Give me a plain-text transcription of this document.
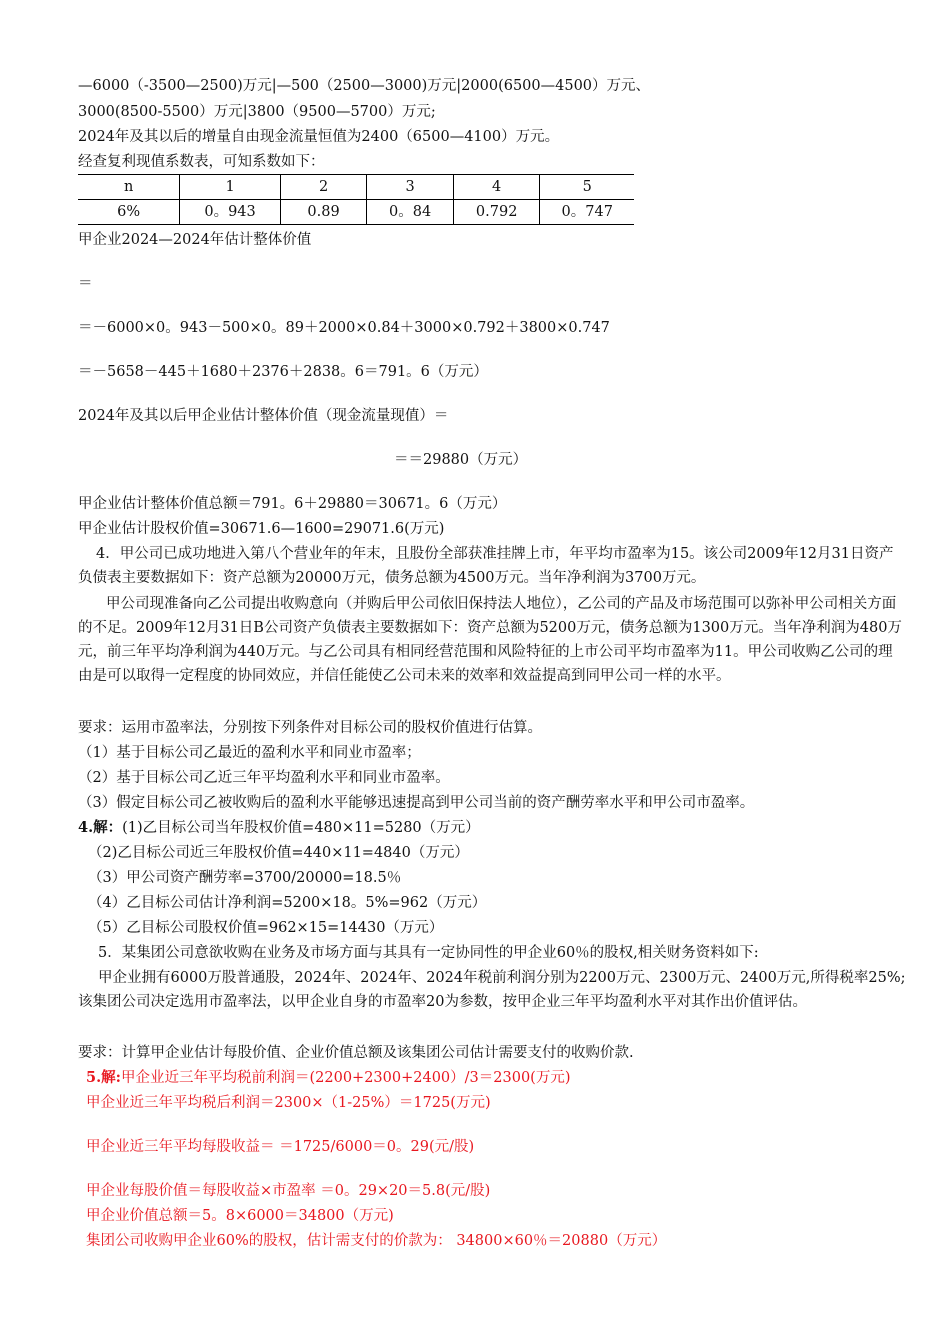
—6000（-3500—2500)万元|—500（2500—3000)万元|2000(6500—4500）万元、
3000(8500-5500）万元|3800（9500—5700）万元;
2024年及其以后的增量自由现金流量恒值为2400（6500—4100）万元。
经查复利现值系数表，可知系数如下：
n	1	2	3	4	5
6%	0。943	0.89	0。84	0.792	0。747
甲企业2024—2024年估计整体价值
＝
＝－6000×0。943－500×0。89＋2000×0.84＋3000×0.792＋3800×0.747
＝－5658－445＋1680＋2376＋2838。6＝791。6（万元）
2024年及其以后甲企业估计整体价值（现金流量现值）＝
＝＝29880（万元）
甲企业估计整体价值总额＝791。6＋29880＝30671。6（万元）
甲企业估计股权价值=30671.6—1600=29071.6(万元)
4．甲公司已成功地进入第八个营业年的年末，且股份全部获准挂牌上市，年平均市盈率为15。该公司2009年12月31日资产负债表主要数据如下：资产总额为20000万元，债务总额为4500万元。当年净利润为3700万元。
甲公司现准备向乙公司提出收购意向（并购后甲公司依旧保持法人地位），乙公司的产品及市场范围可以弥补甲公司相关方面的不足。2009年12月31日B公司资产负债表主要数据如下：资产总额为5200万元，债务总额为1300万元。当年净利润为480万元，前三年平均净利润为440万元。与乙公司具有相同经营范围和风险特征的上市公司平均市盈率为11。甲公司收购乙公司的理由是可以取得一定程度的协同效应，并信任能使乙公司未来的效率和效益提高到同甲公司一样的水平。
要求：运用市盈率法，分别按下列条件对目标公司的股权价值进行估算。
（1）基于目标公司乙最近的盈利水平和同业市盈率；
（2）基于目标公司乙近三年平均盈利水平和同业市盈率。
（3）假定目标公司乙被收购后的盈利水平能够迅速提高到甲公司当前的资产酬劳率水平和甲公司市盈率。
4.解：(1)乙目标公司当年股权价值=480×11=5280（万元）
（2)乙目标公司近三年股权价值=440×11=4840（万元）
（3）甲公司资产酬劳率=3700/20000=18.5％
（4）乙目标公司估计净利润=5200×18。5%=962（万元）
（5）乙目标公司股权价值=962×15=14430（万元）
5．某集团公司意欲收购在业务及市场方面与其具有一定协同性的甲企业60％的股权,相关财务资料如下:
甲企业拥有6000万股普通股，2024年、2024年、2024年税前利润分别为2200万元、2300万元、2400万元,所得税率25%;该集团公司决定选用市盈率法，以甲企业自身的市盈率20为参数，按甲企业三年平均盈利水平对其作出价值评估。
要求：计算甲企业估计每股价值、企业价值总额及该集团公司估计需要支付的收购价款.
5.解:甲企业近三年平均税前利润＝(2200+2300+2400）/3＝2300(万元)
甲企业近三年平均税后利润＝2300×（1-25%）＝1725(万元)
甲企业近三年平均每股收益＝ ＝1725/6000＝0。29(元/股)
甲企业每股价值＝每股收益×市盈率 ＝0。29×20＝5.8(元/股)
甲企业价值总额＝5。8×6000＝34800（万元)
集团公司收购甲企业60%的股权，估计需支付的价款为： 34800×60％＝20880（万元）
